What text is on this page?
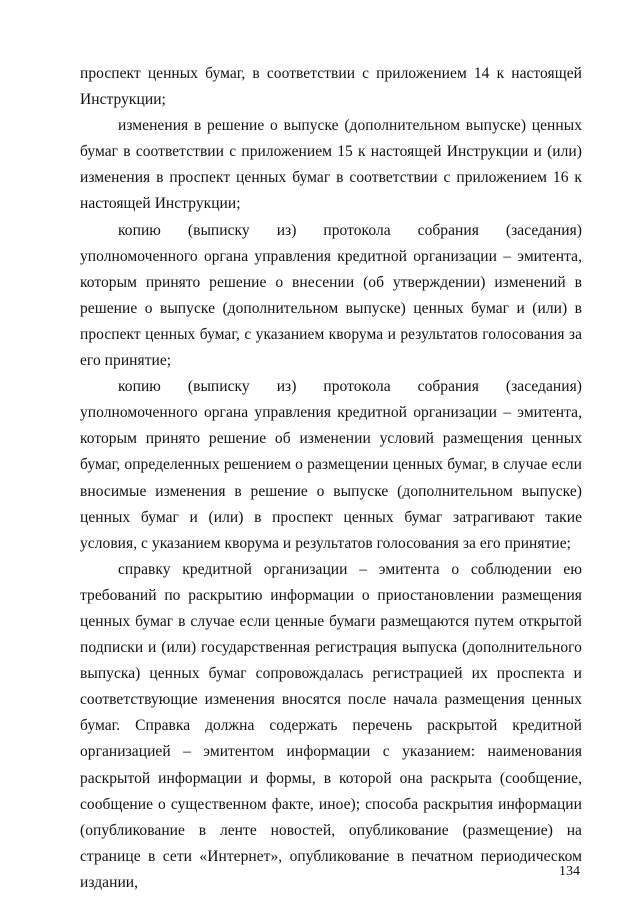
проспект ценных бумаг, в соответствии с приложением 14 к настоящей Инструкции;

изменения в решение о выпуске (дополнительном выпуске) ценных бумаг в соответствии с приложением 15 к настоящей Инструкции и (или) изменения в проспект ценных бумаг в соответствии с приложением 16 к настоящей Инструкции;

копию (выписку из) протокола собрания (заседания) уполномоченного органа управления кредитной организации – эмитента, которым принято решение о внесении (об утверждении) изменений в решение о выпуске (дополнительном выпуске) ценных бумаг и (или) в проспект ценных бумаг, с указанием кворума и результатов голосования за его принятие;

копию (выписку из) протокола собрания (заседания) уполномоченного органа управления кредитной организации – эмитента, которым принято решение об изменении условий размещения ценных бумаг, определенных решением о размещении ценных бумаг, в случае если вносимые изменения в решение о выпуске (дополнительном выпуске) ценных бумаг и (или) в проспект ценных бумаг затрагивают такие условия, с указанием кворума и результатов голосования за его принятие;

справку кредитной организации – эмитента о соблюдении ею требований по раскрытию информации о приостановлении размещения ценных бумаг в случае если ценные бумаги размещаются путем открытой подписки и (или) государственная регистрация выпуска (дополнительного выпуска) ценных бумаг сопровождалась регистрацией их проспекта и соответствующие изменения вносятся после начала размещения ценных бумаг. Справка должна содержать перечень раскрытой кредитной организацией – эмитентом информации с указанием: наименования раскрытой информации и формы, в которой она раскрыта (сообщение, сообщение о существенном факте, иное); способа раскрытия информации (опубликование в ленте новостей, опубликование (размещение) на странице в сети «Интернет», опубликование в печатном периодическом издании,

134
